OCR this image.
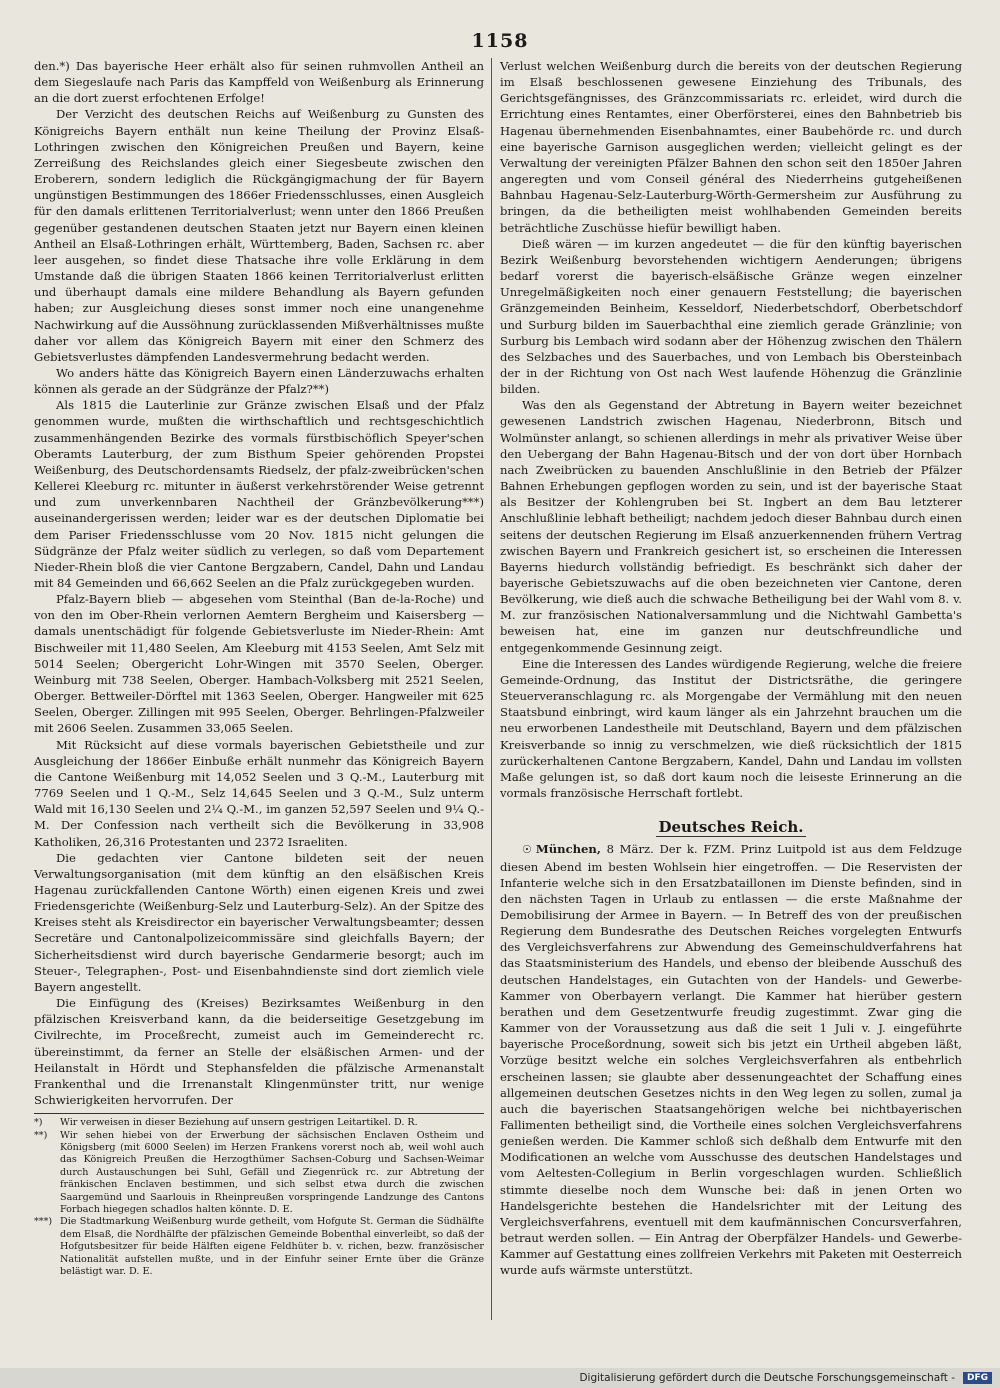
1158

den.*) Das bayerische Heer erhält also für seinen ruhmvollen Antheil an dem Siegeslaufe nach Paris das Kampffeld von Weißenburg als Erinnerung an die dort zuerst erfochtenen Erfolge!

Der Verzicht des deutschen Reichs auf Weißenburg zu Gunsten des Königreichs Bayern enthält nun keine Theilung der Provinz Elsaß-Lothringen zwischen den Königreichen Preußen und Bayern, keine Zerreißung des Reichslandes gleich einer Siegesbeute zwischen den Eroberern, sondern lediglich die Rückgängigmachung der für Bayern ungünstigen Bestimmungen des 1866er Friedensschlusses, einen Ausgleich für den damals erlittenen Territorialverlust; wenn unter den 1866 Preußen gegenüber gestandenen deutschen Staaten jetzt nur Bayern einen kleinen Antheil an Elsaß-Lothringen erhält, Württemberg, Baden, Sachsen rc. aber leer ausgehen, so findet diese Thatsache ihre volle Erklärung in dem Umstande daß die übrigen Staaten 1866 keinen Territorialverlust erlitten und überhaupt damals eine mildere Behandlung als Bayern gefunden haben; zur Ausgleichung dieses sonst immer noch eine unangenehme Nachwirkung auf die Aussöhnung zurücklassenden Mißverhältnisses mußte daher vor allem das Königreich Bayern mit einer den Schmerz des Gebietsverlustes dämpfenden Landesvermehrung bedacht werden.

Wo anders hätte das Königreich Bayern einen Länderzuwachs erhalten können als gerade an der Südgränze der Pfalz?**)

Als 1815 die Lauterlinie zur Gränze zwischen Elsaß und der Pfalz genommen wurde, mußten die wirthschaftlich und rechtsgeschichtlich zusammenhängenden Bezirke des vormals fürstbischöflich Speyer'schen Oberamts Lauterburg, der zum Bisthum Speier gehörenden Propstei Weißenburg, des Deutschordensamts Riedselz, der pfalz-zweibrücken'schen Kellerei Kleeburg rc. mitunter in äußerst verkehrstörender Weise getrennt und zum unverkennbaren Nachtheil der Gränzbevölkerung***) auseinandergerissen werden; leider war es der deutschen Diplomatie bei dem Pariser Friedensschlusse vom 20 Nov. 1815 nicht gelungen die Südgränze der Pfalz weiter südlich zu verlegen, so daß vom Departement Nieder-Rhein bloß die vier Cantone Bergzabern, Candel, Dahn und Landau mit 84 Gemeinden und 66,662 Seelen an die Pfalz zurückgegeben wurden.

Pfalz-Bayern blieb — abgesehen vom Steinthal (Ban de-la-Roche) und von den im Ober-Rhein verlornen Aemtern Bergheim und Kaisersberg — damals unentschädigt für folgende Gebietsverluste im Nieder-Rhein: Amt Bischweiler mit 11,480 Seelen, Am Kleeburg mit 4153 Seelen, Amt Selz mit 5014 Seelen; Obergericht Lohr-Wingen mit 3570 Seelen, Oberger. Weinburg mit 738 Seelen, Oberger. Hambach-Volksberg mit 2521 Seelen, Oberger. Bettweiler-Dörftel mit 1363 Seelen, Oberger. Hangweiler mit 625 Seelen, Oberger. Zillingen mit 995 Seelen, Oberger. Behrlingen-Pfalzweiler mit 2606 Seelen. Zusammen 33,065 Seelen.

Mit Rücksicht auf diese vormals bayerischen Gebietstheile und zur Ausgleichung der 1866er Einbuße erhält nunmehr das Königreich Bayern die Cantone Weißenburg mit 14,052 Seelen und 3 Q.-M., Lauterburg mit 7769 Seelen und 1 Q.-M., Selz 14,645 Seelen und 3 Q.-M., Sulz unterm Wald mit 16,130 Seelen und 2¼ Q.-M., im ganzen 52,597 Seelen und 9¼ Q.-M. Der Confession nach vertheilt sich die Bevölkerung in 33,908 Katholiken, 26,316 Protestanten und 2372 Israeliten.

Die gedachten vier Cantone bildeten seit der neuen Verwaltungsorganisation (mit dem künftig an den elsäßischen Kreis Hagenau zurückfallenden Cantone Wörth) einen eigenen Kreis und zwei Friedensgerichte (Weißenburg-Selz und Lauterburg-Selz). An der Spitze des Kreises steht als Kreisdirector ein bayerischer Verwaltungsbeamter; dessen Secretäre und Cantonalpolizeicommissäre sind gleichfalls Bayern; der Sicherheitsdienst wird durch bayerische Gendarmerie besorgt; auch im Steuer-, Telegraphen-, Post- und Eisenbahndienste sind dort ziemlich viele Bayern angestellt.

Die Einfügung des (Kreises) Bezirksamtes Weißenburg in den pfälzischen Kreisverband kann, da die beiderseitige Gesetzgebung im Civilrechte, im Proceßrecht, zumeist auch im Gemeinderecht rc. übereinstimmt, da ferner an Stelle der elsäßischen Armen- und der Heilanstalt in Hördt und Stephansfelden die pfälzische Armenanstalt Frankenthal und die Irrenanstalt Klingenmünster tritt, nur wenige Schwierigkeiten hervorrufen. Der

*) Wir verweisen in dieser Beziehung auf unsern gestrigen Leitartikel. D. R.

**) Wir sehen hiebei von der Erwerbung der sächsischen Enclaven Ostheim und Königsberg (mit 6000 Seelen) im Herzen Frankens vorerst noch ab, weil wohl auch das Königreich Preußen die Herzogthümer Sachsen-Coburg und Sachsen-Weimar durch Austauschungen bei Suhl, Gefäll und Ziegenrück rc. zur Abtretung der fränkischen Enclaven bestimmen, und sich selbst etwa durch die zwischen Saargemünd und Saarlouis in Rheinpreußen vorspringende Landzunge des Cantons Forbach hiegegen schadlos halten könnte. D. E.

***) Die Stadtmarkung Weißenburg wurde getheilt, vom Hofgute St. German die Südhälfte dem Elsaß, die Nordhälfte der pfälzischen Gemeinde Bobenthal einverleibt, so daß der Hofgutsbesitzer für beide Hälften eigene Feldhüter b. v. richen, bezw. französischer Nationalität aufstellen mußte, und in der Einfuhr seiner Ernte über die Gränze belästigt war. D. E.

Verlust welchen Weißenburg durch die bereits von der deutschen Regierung im Elsaß beschlossenen gewesene Einziehung des Tribunals, des Gerichtsgefängnisses, des Gränzcommissariats rc. erleidet, wird durch die Errichtung eines Rentamtes, einer Oberförsterei, eines den Bahnbetrieb bis Hagenau übernehmenden Eisenbahnamtes, einer Baubehörde rc. und durch eine bayerische Garnison ausgeglichen werden; vielleicht gelingt es der Verwaltung der vereinigten Pfälzer Bahnen den schon seit den 1850er Jahren angeregten und vom Conseil général des Niederrheins gutgeheißenen Bahnbau Hagenau-Selz-Lauterburg-Wörth-Germersheim zur Ausführung zu bringen, da die betheiligten meist wohlhabenden Gemeinden bereits beträchtliche Zuschüsse hiefür bewilligt haben.

Dieß wären — im kurzen angedeutet — die für den künftig bayerischen Bezirk Weißenburg bevorstehenden wichtigern Aenderungen; übrigens bedarf vorerst die bayerisch-elsäßische Gränze wegen einzelner Unregelmäßigkeiten noch einer genauern Feststellung; die bayerischen Gränzgemeinden Beinheim, Kesseldorf, Niederbetschdorf, Oberbetschdorf und Surburg bilden im Sauerbachthal eine ziemlich gerade Gränzlinie; von Surburg bis Lembach wird sodann aber der Höhenzug zwischen den Thälern des Selzbaches und des Sauerbaches, und von Lembach bis Obersteinbach der in der Richtung von Ost nach West laufende Höhenzug die Gränzlinie bilden.

Was den als Gegenstand der Abtretung in Bayern weiter bezeichnet gewesenen Landstrich zwischen Hagenau, Niederbronn, Bitsch und Wolmünster anlangt, so schienen allerdings in mehr als privativer Weise über den Uebergang der Bahn Hagenau-Bitsch und der von dort über Hornbach nach Zweibrücken zu bauenden Anschlußlinie in den Betrieb der Pfälzer Bahnen Erhebungen gepflogen worden zu sein, und ist der bayerische Staat als Besitzer der Kohlengruben bei St. Ingbert an dem Bau letzterer Anschlußlinie lebhaft betheiligt; nachdem jedoch dieser Bahnbau durch einen seitens der deutschen Regierung im Elsaß anzuerkennenden frühern Vertrag zwischen Bayern und Frankreich gesichert ist, so erscheinen die Interessen Bayerns hiedurch vollständig befriedigt. Es beschränkt sich daher der bayerische Gebietszuwachs auf die oben bezeichneten vier Cantone, deren Bevölkerung, wie dieß auch die schwache Betheiligung bei der Wahl vom 8. v. M. zur französischen Nationalversammlung und die Nichtwahl Gambetta's beweisen hat, eine im ganzen nur deutschfreundliche und entgegenkommende Gesinnung zeigt.

Eine die Interessen des Landes würdigende Regierung, welche die freiere Gemeinde-Ordnung, das Institut der Districtsräthe, die geringere Steuerveranschlagung rc. als Morgengabe der Vermählung mit den neuen Staatsbund einbringt, wird kaum länger als ein Jahrzehnt brauchen um die neu erworbenen Landestheile mit Deutschland, Bayern und dem pfälzischen Kreisverbande so innig zu verschmelzen, wie dieß rücksichtlich der 1815 zurückerhaltenen Cantone Bergzabern, Kandel, Dahn und Landau im vollsten Maße gelungen ist, so daß dort kaum noch die leiseste Erinnerung an die vormals französische Herrschaft fortlebt.

Deutsches Reich.

☉ München, 8 März. Der k. FZM. Prinz Luitpold ist aus dem Feldzuge diesen Abend im besten Wohlsein hier eingetroffen. — Die Reservisten der Infanterie welche sich in den Ersatzbataillonen im Dienste befinden, sind in den nächsten Tagen in Urlaub zu entlassen — die erste Maßnahme der Demobilisirung der Armee in Bayern. — In Betreff des von der preußischen Regierung dem Bundesrathe des Deutschen Reiches vorgelegten Entwurfs des Vergleichsverfahrens zur Abwendung des Gemeinschuldverfahrens hat das Staatsministerium des Handels, und ebenso der bleibende Ausschuß des deutschen Handelstages, ein Gutachten von der Handels- und Gewerbe-Kammer von Oberbayern verlangt. Die Kammer hat hierüber gestern berathen und dem Gesetzentwurfe freudig zugestimmt. Zwar ging die Kammer von der Voraussetzung aus daß die seit 1 Juli v. J. eingeführte bayerische Proceßordnung, soweit sich bis jetzt ein Urtheil abgeben läßt, Vorzüge besitzt welche ein solches Vergleichsverfahren als entbehrlich erscheinen lassen; sie glaubte aber dessenungeachtet der Schaffung eines allgemeinen deutschen Gesetzes nichts in den Weg legen zu sollen, zumal ja auch die bayerischen Staatsangehörigen welche bei nichtbayerischen Fallimenten betheiligt sind, die Vortheile eines solchen Vergleichsverfahrens genießen werden. Die Kammer schloß sich deßhalb dem Entwurfe mit den Modificationen an welche vom Ausschusse des deutschen Handelstages und vom Aeltesten-Collegium in Berlin vorgeschlagen wurden. Schließlich stimmte dieselbe noch dem Wunsche bei: daß in jenen Orten wo Handelsgerichte bestehen die Handelsrichter mit der Leitung des Vergleichsverfahrens, eventuell mit dem kaufmännischen Concursverfahren, betraut werden sollen. — Ein Antrag der Oberpfälzer Handels- und Gewerbe-Kammer auf Gestattung eines zollfreien Verkehrs mit Paketen mit Oesterreich wurde aufs wärmste unterstützt.

Digitalisierung gefördert durch die Deutsche Forschungsgemeinschaft -	DFG
